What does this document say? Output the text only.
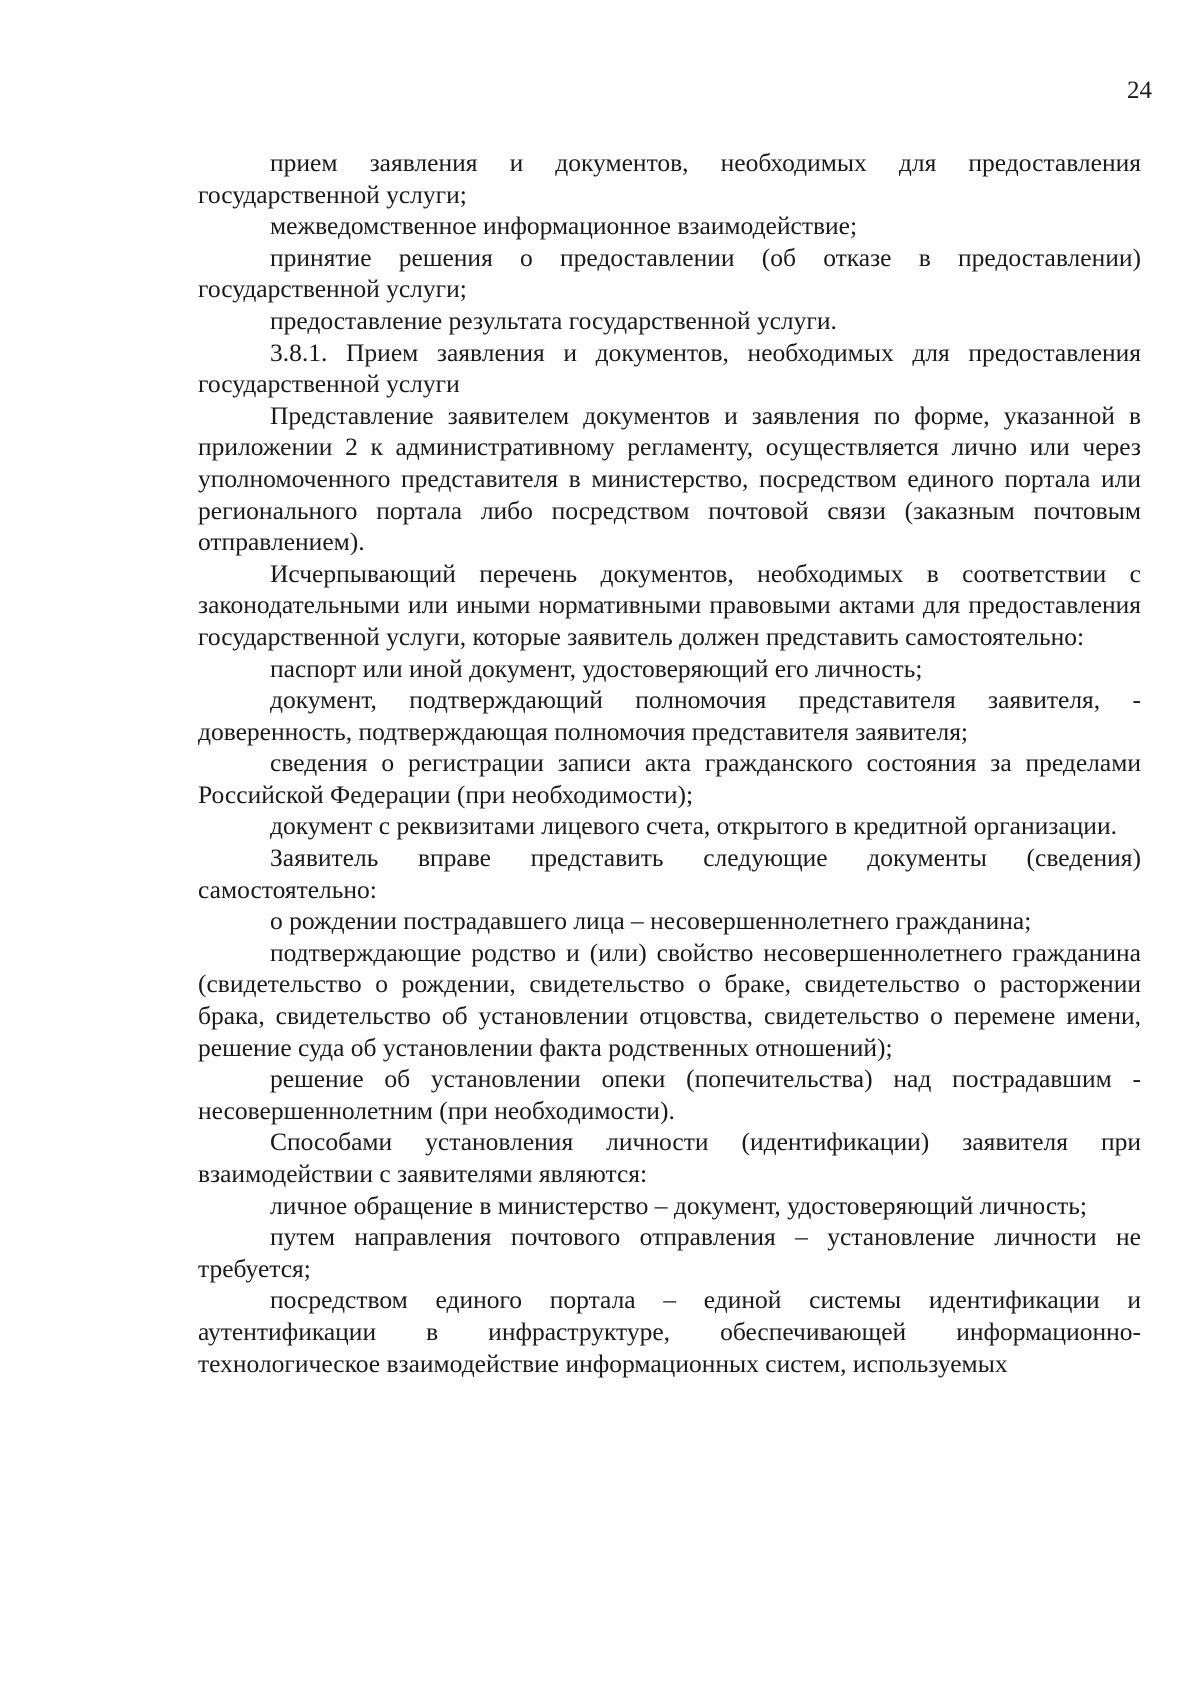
24

прием заявления и документов, необходимых для предоставления государственной услуги;

межведомственное информационное взаимодействие;

принятие решения о предоставлении (об отказе в предоставлении) государственной услуги;

предоставление результата государственной услуги.

3.8.1. Прием заявления и документов, необходимых для предоставления государственной услуги

Представление заявителем документов и заявления по форме, указанной в приложении 2 к административному регламенту, осуществляется лично или через уполномоченного представителя в министерство, посредством единого портала или регионального портала либо посредством почтовой связи (заказным почтовым отправлением).

Исчерпывающий перечень документов, необходимых в соответствии с законодательными или иными нормативными правовыми актами для предоставления государственной услуги, которые заявитель должен представить самостоятельно:

паспорт или иной документ, удостоверяющий его личность;

документ, подтверждающий полномочия представителя заявителя, - доверенность, подтверждающая полномочия представителя заявителя;

сведения о регистрации записи акта гражданского состояния за пределами Российской Федерации (при необходимости);

документ с реквизитами лицевого счета, открытого в кредитной организации.

Заявитель вправе представить следующие документы (сведения) самостоятельно:

о рождении пострадавшего лица – несовершеннолетнего гражданина;

подтверждающие родство и (или) свойство несовершеннолетнего гражданина (свидетельство о рождении, свидетельство о браке, свидетельство о расторжении брака, свидетельство об установлении отцовства, свидетельство о перемене имени, решение суда об установлении факта родственных отношений);

решение об установлении опеки (попечительства) над пострадавшим - несовершеннолетним (при необходимости).

Способами установления личности (идентификации) заявителя при взаимодействии с заявителями являются:

личное обращение в министерство – документ, удостоверяющий личность;

путем направления почтового отправления – установление личности не требуется;

посредством единого портала – единой системы идентификации и аутентификации в инфраструктуре, обеспечивающей информационно-технологическое взаимодействие информационных систем, используемых
